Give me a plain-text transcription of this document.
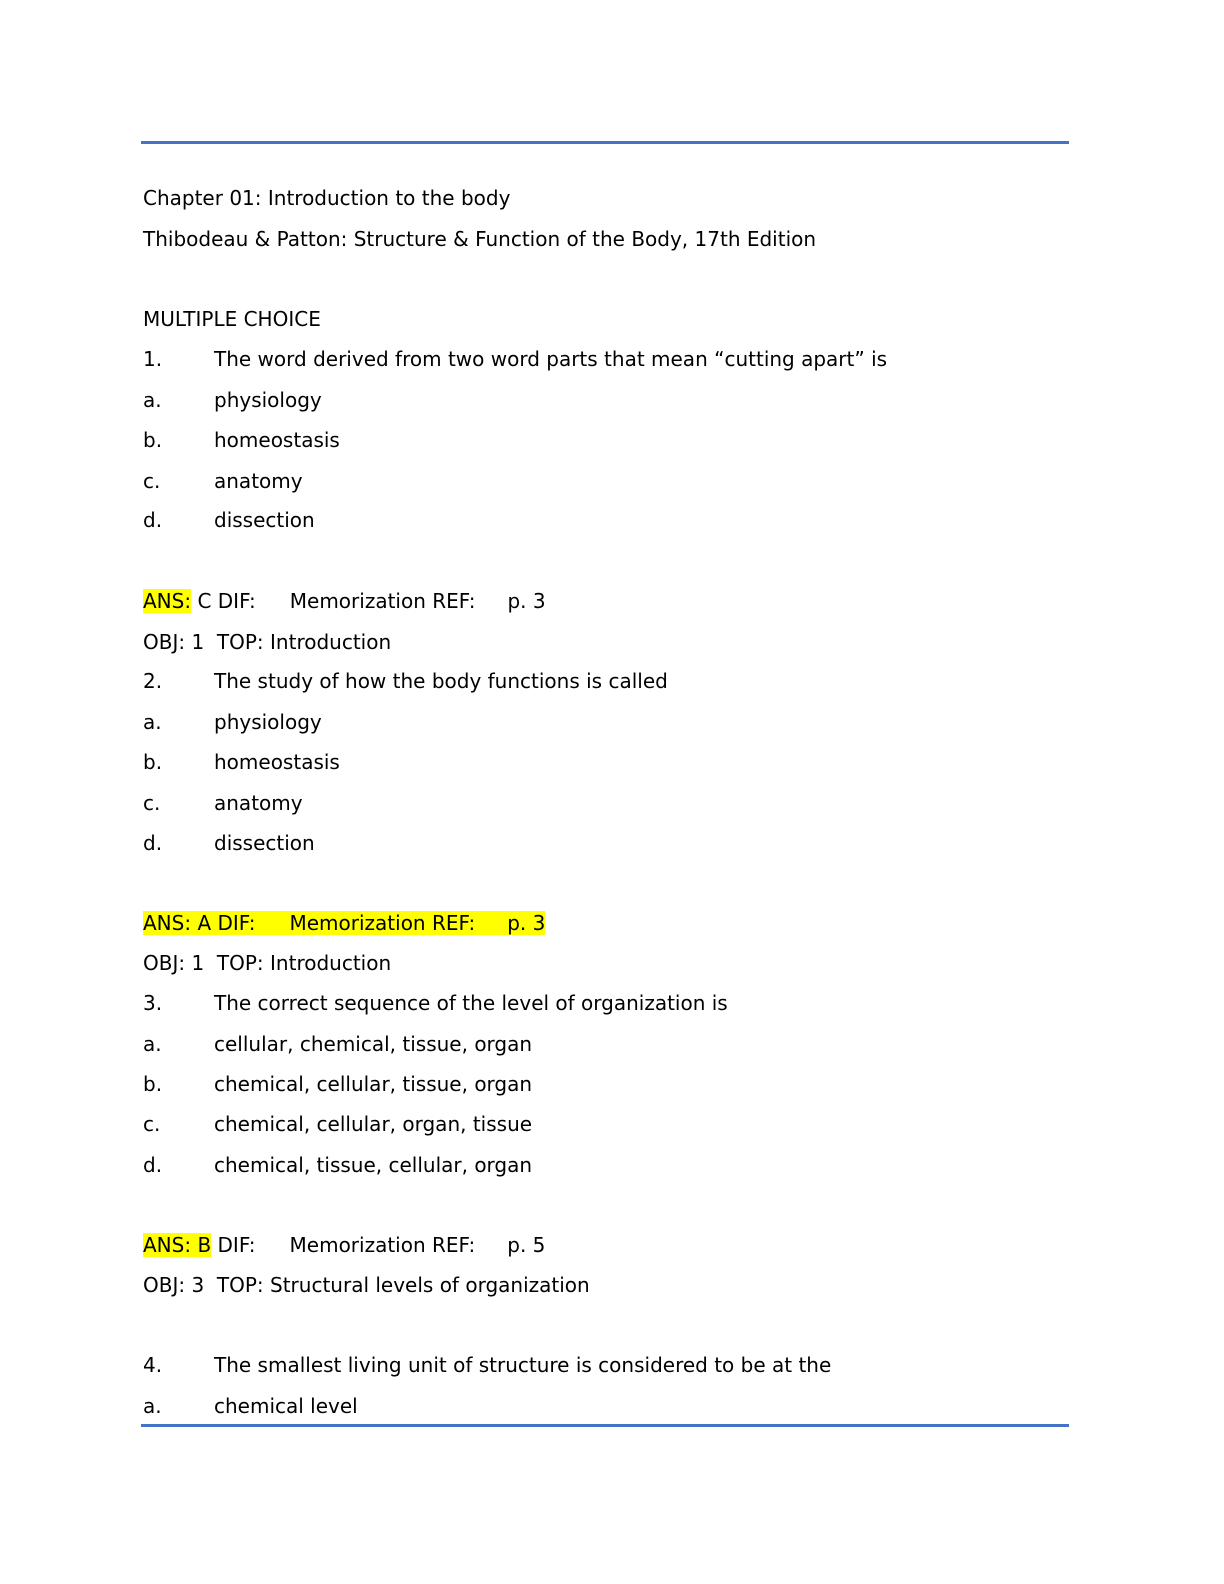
Chapter 01: Introduction to the body
Thibodeau & Patton: Structure & Function of the Body, 17th Edition
MULTIPLE CHOICE
1.	The word derived from two word parts that mean “cutting apart” is
a.	physiology
b.	homeostasis
c.	anatomy
d.	dissection
ANS: C DIF: Memorization REF: p. 3
OBJ: 1 TOP: Introduction
2.	The study of how the body functions is called
a.	physiology
b.	homeostasis
c.	anatomy
d.	dissection
ANS: A DIF: Memorization REF: p. 3
OBJ: 1 TOP: Introduction
3.	The correct sequence of the level of organization is
a.	cellular, chemical, tissue, organ
b.	chemical, cellular, tissue, organ
c.	chemical, cellular, organ, tissue
d.	chemical, tissue, cellular, organ
ANS: B DIF: Memorization REF: p. 5
OBJ: 3 TOP: Structural levels of organization
4.	The smallest living unit of structure is considered to be at the
a.	chemical level
